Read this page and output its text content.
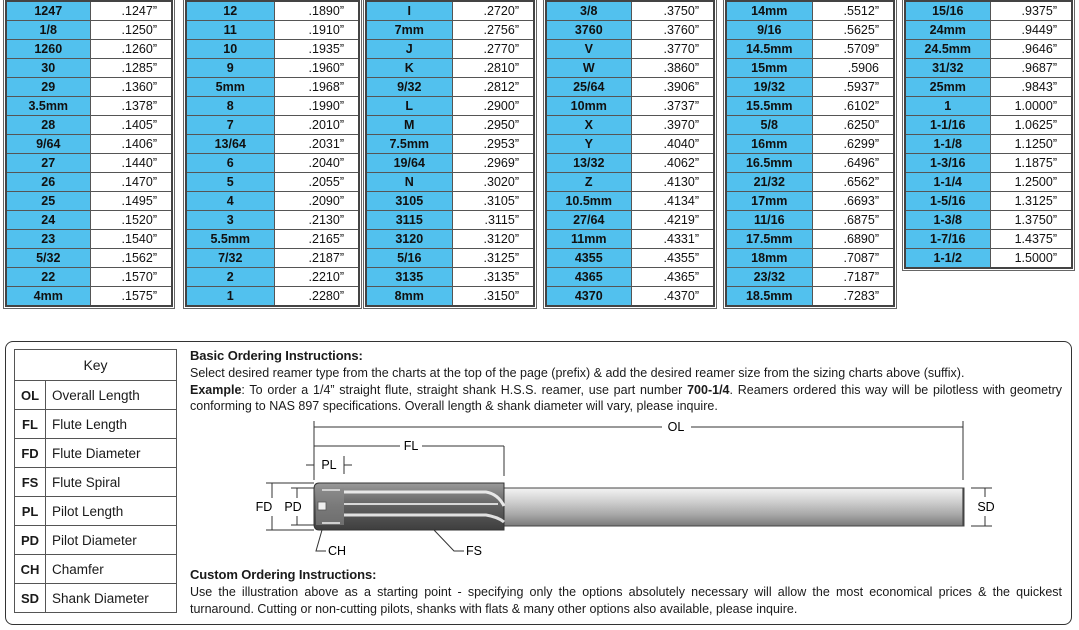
1247	.1247”
1/8	.1250”
1260	.1260”
30	.1285”
29	.1360”
3.5mm	.1378”
28	.1405”
9/64	.1406”
27	.1440”
26	.1470”
25	.1495”
24	.1520”
23	.1540”
5/32	.1562”
22	.1570”
4mm	.1575”
12	.1890”
11	.1910”
10	.1935”
9	.1960”
5mm	.1968”
8	.1990”
7	.2010”
13/64	.2031”
6	.2040”
5	.2055”
4	.2090”
3	.2130”
5.5mm	.2165”
7/32	.2187”
2	.2210”
1	.2280”
I	.2720”
7mm	.2756”
J	.2770”
K	.2810”
9/32	.2812”
L	.2900”
M	.2950”
7.5mm	.2953”
19/64	.2969”
N	.3020”
3105	.3105”
3115	.3115”
3120	.3120”
5/16	.3125”
3135	.3135”
8mm	.3150”
3/8	.3750”
3760	.3760”
V	.3770”
W	.3860”
25/64	.3906”
10mm	.3737”
X	.3970”
Y	.4040”
13/32	.4062”
Z	.4130”
10.5mm	.4134”
27/64	.4219”
11mm	.4331”
4355	.4355”
4365	.4365”
4370	.4370”
14mm	.5512”
9/16	.5625”
14.5mm	.5709”
15mm	.5906
19/32	.5937”
15.5mm	.6102”
5/8	.6250”
16mm	.6299”
16.5mm	.6496”
21/32	.6562”
17mm	.6693”
11/16	.6875”
17.5mm	.6890”
18mm	.7087”
23/32	.7187”
18.5mm	.7283”
15/16	.9375”
24mm	.9449”
24.5mm	.9646”
31/32	.9687”
25mm	.9843”
1	1.0000”
1-1/16	1.0625”
1-1/8	1.1250”
1-3/16	1.1875”
1-1/4	1.2500”
1-5/16	1.3125”
1-3/8	1.3750”
1-7/16	1.4375”
1-1/2	1.5000”
Key	
OL	Overall Length
FL	Flute Length
FD	Flute Diameter
FS	Flute Spiral
PL	Pilot Length
PD	Pilot Diameter
CH	Chamfer
SD	Shank Diameter
Basic Ordering Instructions:
Select desired reamer type from the charts at the top of the page (prefix) & add the desired reamer size from the sizing charts above (suffix).
Example: To order a 1/4” straight flute, straight shank H.S.S. reamer, use part number 700-1/4. Reamers ordered this way will be pilotless with geometry conforming to NAS 897 specifications. Overall length & shank diameter will vary, please inquire.
Custom Ordering Instructions:
Use the illustration above as a starting point - specifying only the options absolutely necessary will allow the most economical prices & the quickest turnaround. Cutting or non-cutting pilots, shanks with flats & many other options also available, please inquire.
OL
FL
PL
FD PD	SD
CH	FS
